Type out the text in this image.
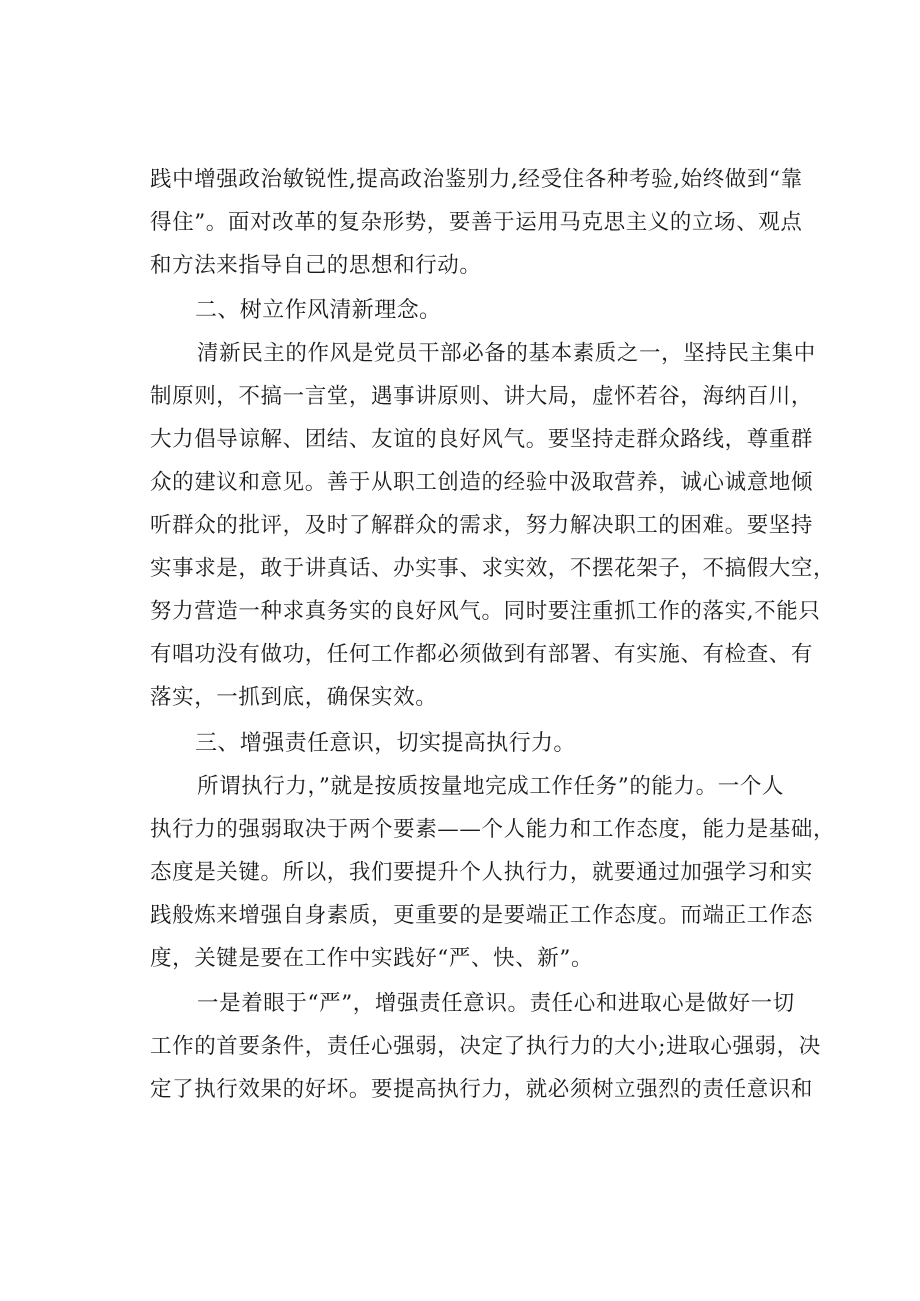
践中增强政治敏锐性,提高政治鉴别力,经受住各种考验,始终做到“靠
得住”。面对改革的复杂形势，要善于运用马克思主义的立场、观点
和方法来指导自己的思想和行动。
二、树立作风清新理念。
清新民主的作风是党员干部必备的基本素质之一，坚持民主集中
制原则，不搞一言堂，遇事讲原则、讲大局，虚怀若谷，海纳百川，
大力倡导谅解、团结、友谊的良好风气。要坚持走群众路线，尊重群
众的建议和意见。善于从职工创造的经验中汲取营养，诚心诚意地倾
听群众的批评，及时了解群众的需求，努力解决职工的困难。要坚持
实事求是，敢于讲真话、办实事、求实效，不摆花架子，不搞假大空，
努力营造一种求真务实的良好风气。同时要注重抓工作的落实,不能只
有唱功没有做功，任何工作都必须做到有部署、有实施、有检查、有
落实，一抓到底，确保实效。
三、增强责任意识，切实提高执行力。
所谓执行力，”就是按质按量地完成工作任务”的能力。一个人
执行力的强弱取决于两个要素——个人能力和工作态度，能力是基础，
态度是关键。所以，我们要提升个人执行力，就要通过加强学习和实
践般炼来增强自身素质，更重要的是要端正工作态度。而端正工作态
度，关键是要在工作中实践好“严、快、新”。
一是着眼于“严”，增强责任意识。责任心和进取心是做好一切
工作的首要条件，责任心强弱，决定了执行力的大小;进取心强弱，决
定了执行效果的好坏。要提高执行力，就必须树立强烈的责任意识和
